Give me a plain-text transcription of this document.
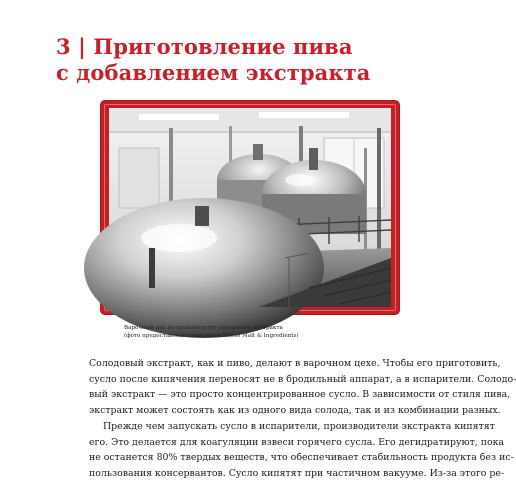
3 | Приготовление пива
с добавлением экстракта

Варочный цех по производству солодового экстракта
(фото предоставлено компанией Briess Malt & Ingredients)

Солодовый экстракт, как и пиво, делают в варочном цехе. Чтобы его приготовить,
сусло после кипячения переносят не в бродильный аппарат, а в испарители. Солодо-
вый экстракт — это просто концентрированное сусло. В зависимости от стиля пива,
экстракт может состоять как из одного вида солода, так и из комбинации разных.
Прежде чем запускать сусло в испарители, производители экстракта кипятят
его. Это делается для коагуляции взвеси горячего сусла. Его дегидратируют, пока
не останется 80% твердых веществ, что обеспечивает стабильность продукта без ис-
пользования консервантов. Сусло кипятят при частичном вакууме. Из-за этого ре-
